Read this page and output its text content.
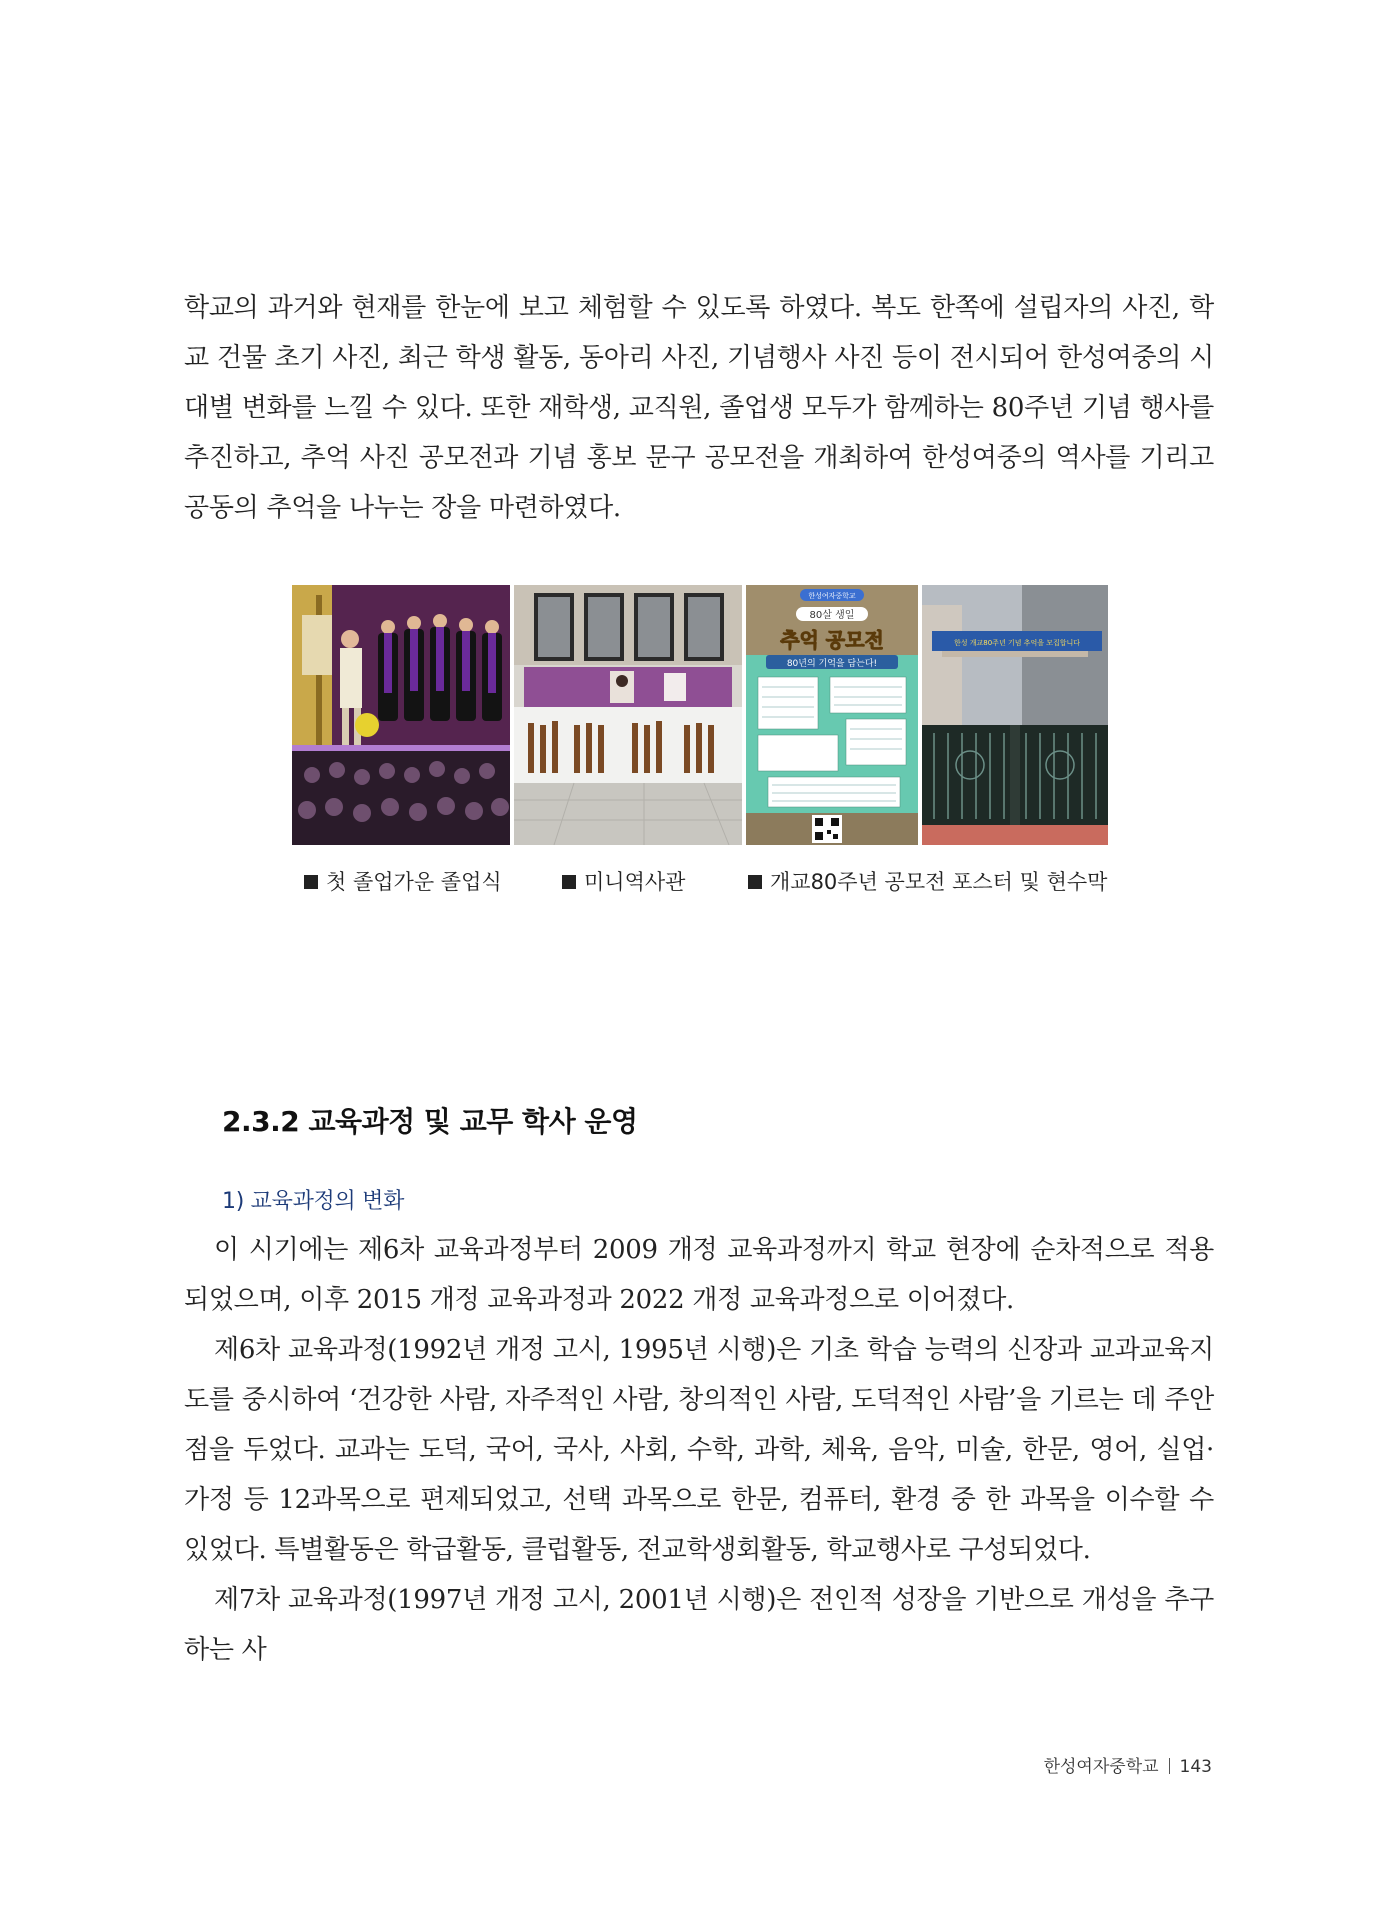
학교의 과거와 현재를 한눈에 보고 체험할 수 있도록 하였다. 복도 한쪽에 설립자의 사진, 학교 건물 초기 사진, 최근 학생 활동, 동아리 사진, 기념행사 사진 등이 전시되어 한성여중의 시대별 변화를 느낄 수 있다. 또한 재학생, 교직원, 졸업생 모두가 함께하는 80주년 기념 행사를 추진하고, 추억 사진 공모전과 기념 홍보 문구 공모전을 개최하여 한성여중의 역사를 기리고 공동의 추억을 나누는 장을 마련하였다.
한성여자중학교
80살 생일
추억 공모전
80년의 기억을 담는다!
한성 개교80주년 기념 추억을 모집합니다
첫 졸업가운 졸업식	미니역사관	개교80주년 공모전 포스터 및 현수막
2.3.2 교육과정 및 교무 학사 운영
1) 교육과정의 변화

이 시기에는 제6차 교육과정부터 2009 개정 교육과정까지 학교 현장에 순차적으로 적용되었으며, 이후 2015 개정 교육과정과 2022 개정 교육과정으로 이어졌다.

제6차 교육과정(1992년 개정 고시, 1995년 시행)은 기초 학습 능력의 신장과 교과교육지도를 중시하여 ‘건강한 사람, 자주적인 사람, 창의적인 사람, 도덕적인 사람’을 기르는 데 주안점을 두었다. 교과는 도덕, 국어, 국사, 사회, 수학, 과학, 체육, 음악, 미술, 한문, 영어, 실업·가정 등 12과목으로 편제되었고, 선택 과목으로 한문, 컴퓨터, 환경 중 한 과목을 이수할 수 있었다. 특별활동은 학급활동, 클럽활동, 전교학생회활동, 학교행사로 구성되었다.

제7차 교육과정(1997년 개정 고시, 2001년 시행)은 전인적 성장을 기반으로 개성을 추구하는 사

한성여자중학교 143
